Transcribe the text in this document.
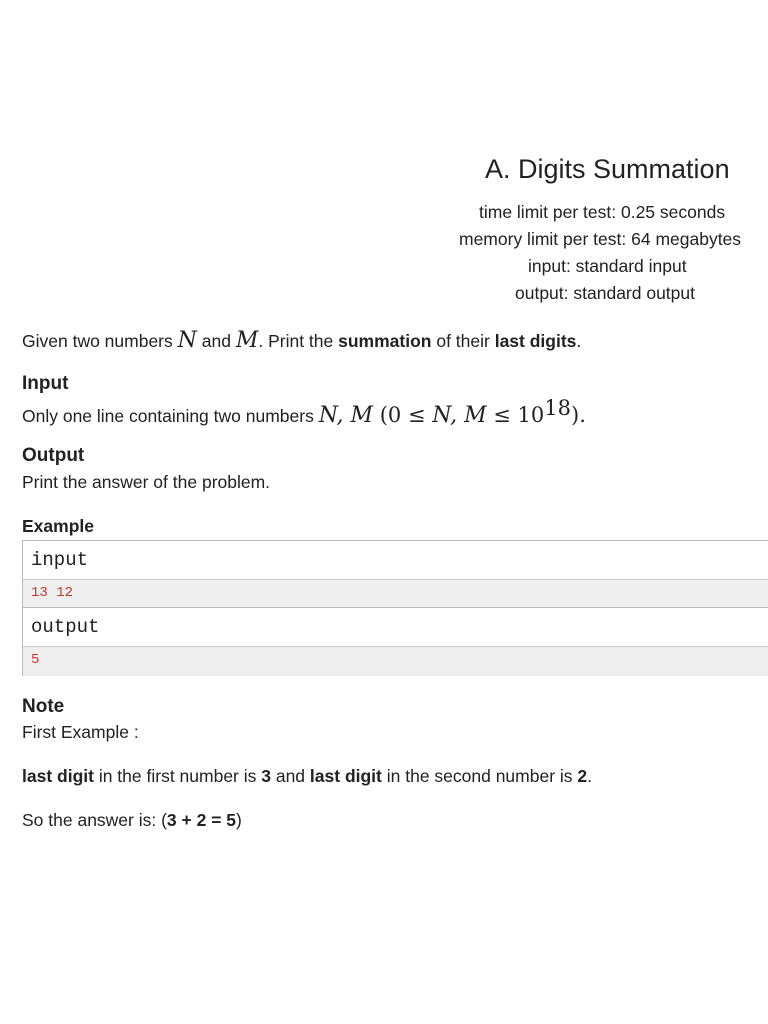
A. Digits Summation
time limit per test: 0.25 seconds
memory limit per test: 64 megabytes
input: standard input
output: standard output
Given two numbers N and M. Print the summation of their last digits.
Input
Only one line containing two numbers N, M (0 ≤ N, $M \le 10^{18}$).
Output
Print the answer of the problem.
Example
input
13 12
output
5
Note
First Example :
last digit in the first number is 3 and last digit in the second number is 2.
So the answer is: (3 + 2 = 5)
